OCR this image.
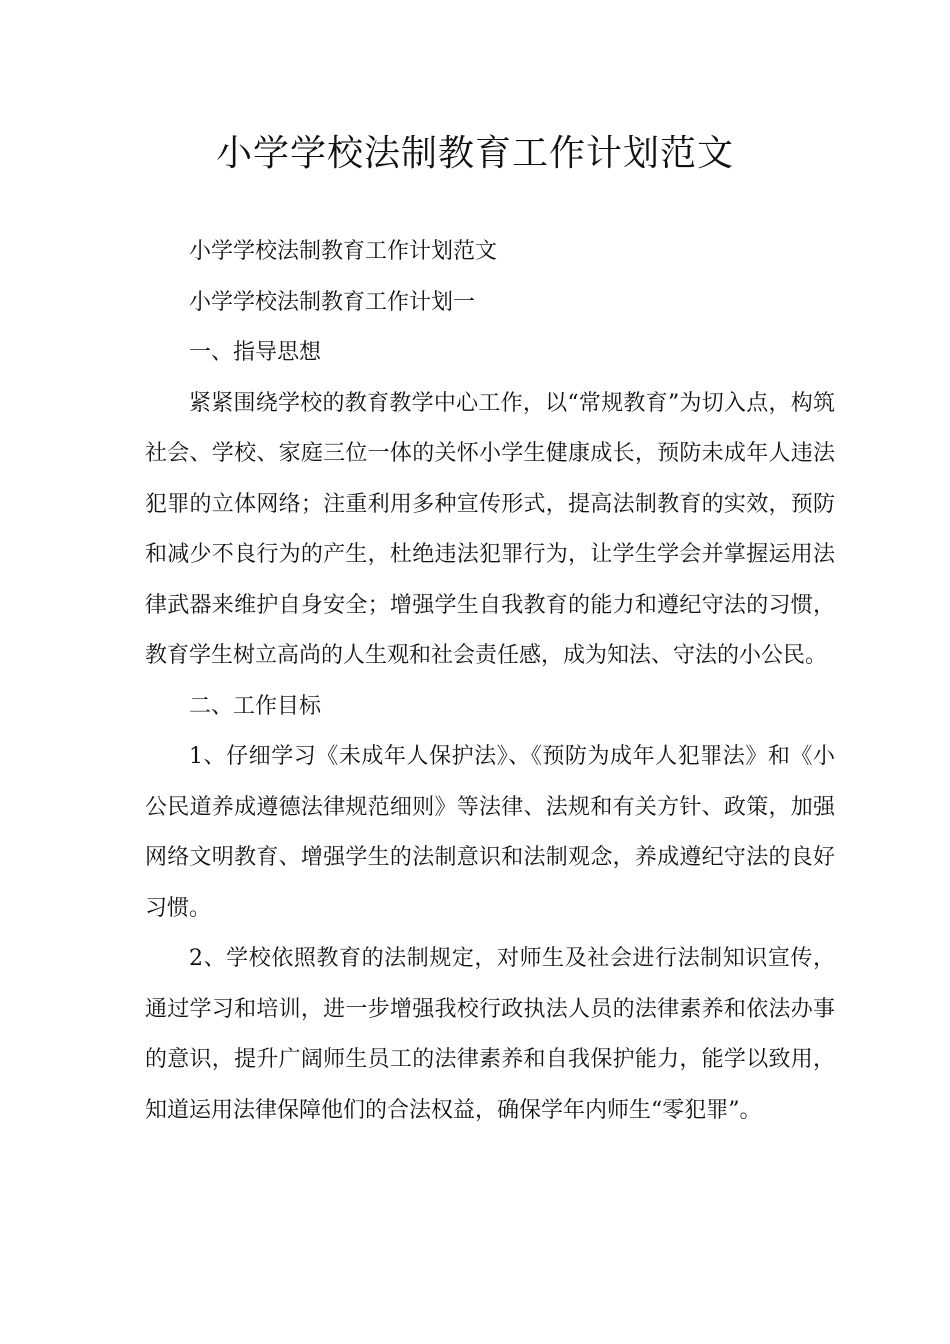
小学学校法制教育工作计划范文

小学学校法制教育工作计划范文

小学学校法制教育工作计划一

一、指导思想

紧紧围绕学校的教育教学中心工作，以“常规教育”为切入点，构筑社会、学校、家庭三位一体的关怀小学生健康成长，预防未成年人违法犯罪的立体网络；注重利用多种宣传形式，提高法制教育的实效，预防和减少不良行为的产生，杜绝违法犯罪行为，让学生学会并掌握运用法律武器来维护自身安全；增强学生自我教育的能力和遵纪守法的习惯，教育学生树立高尚的人生观和社会责任感，成为知法、守法的小公民。

二、工作目标

1、仔细学习《未成年人保护法》、《预防为成年人犯罪法》和《小公民道养成遵德法律规范细则》等法律、法规和有关方针、政策，加强网络文明教育、增强学生的法制意识和法制观念，养成遵纪守法的良好习惯。

2、学校依照教育的法制规定，对师生及社会进行法制知识宣传，通过学习和培训，进一步增强我校行政执法人员的法律素养和依法办事的意识，提升广阔师生员工的法律素养和自我保护能力，能学以致用，知道运用法律保障他们的合法权益，确保学年内师生“零犯罪”。
